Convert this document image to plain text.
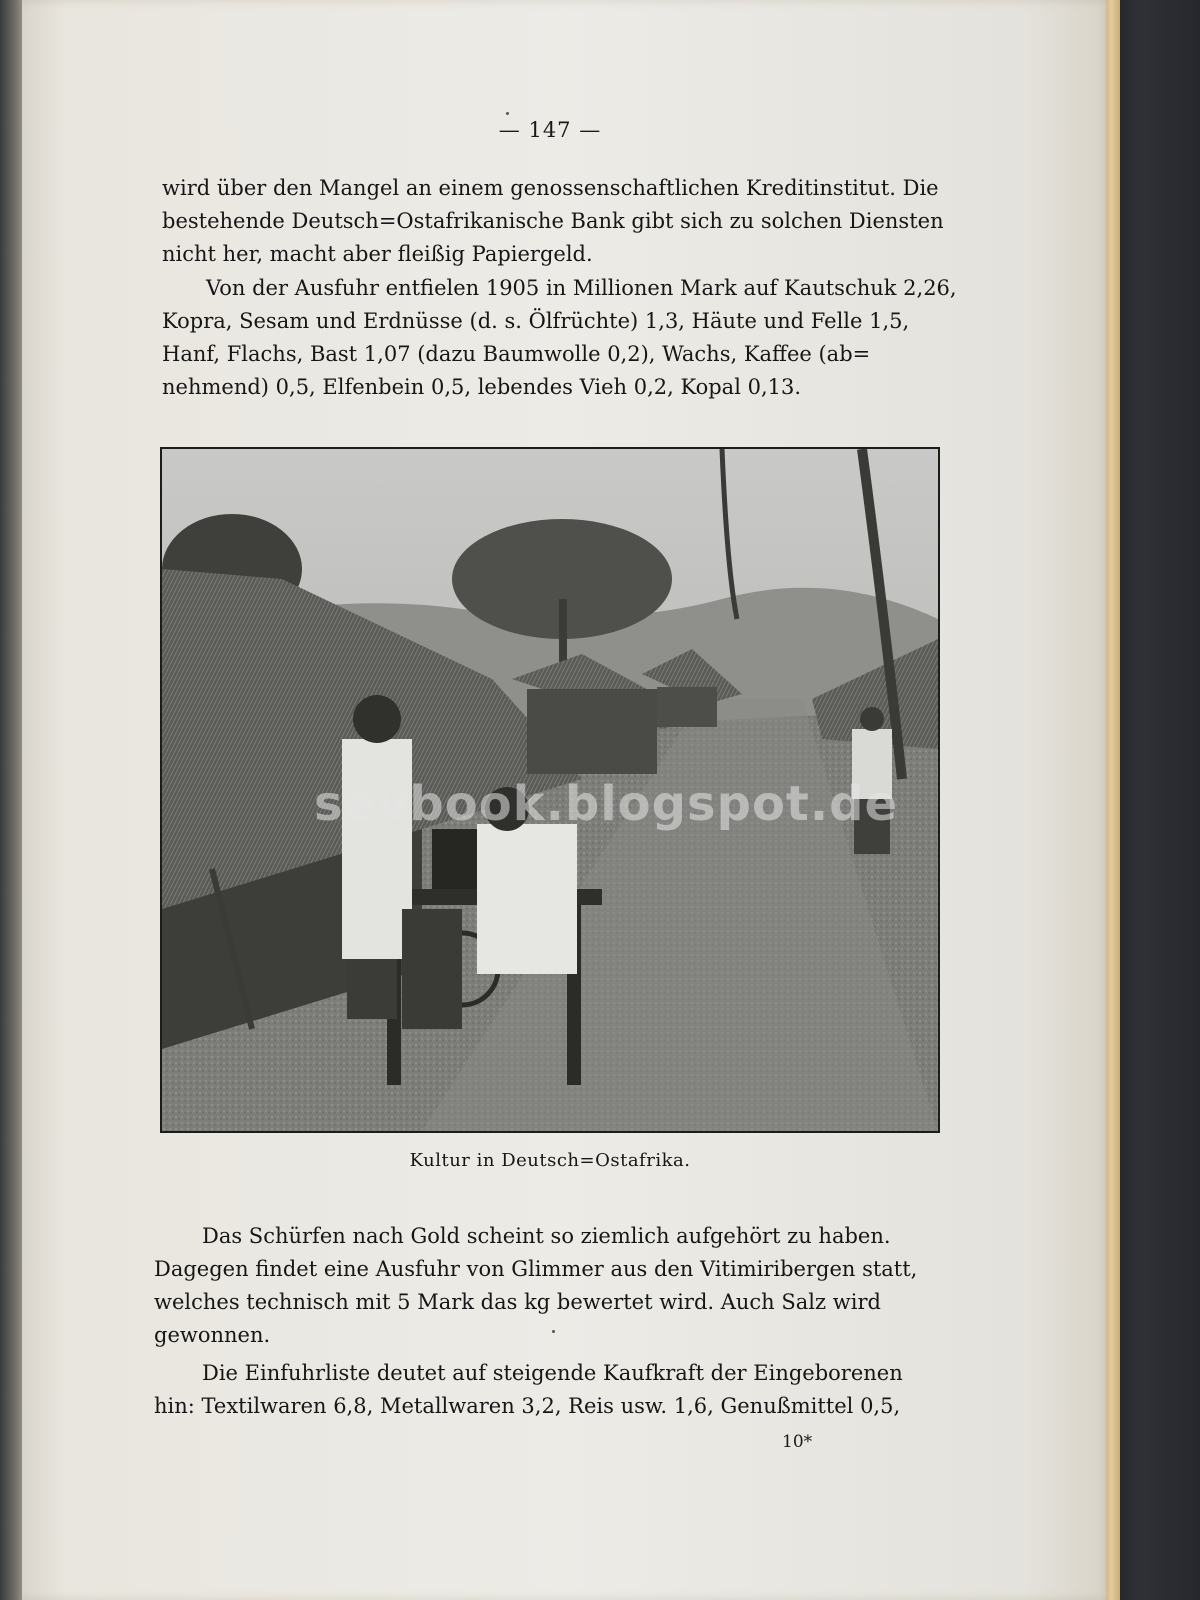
— 147 —
wird über den Mangel an einem genossenschaftlichen Kreditinstitut. Die
bestehende Deutsch=Ostafrikanische Bank gibt sich zu solchen Diensten
nicht her, macht aber fleißig Papiergeld.
Von der Ausfuhr entfielen 1905 in Millionen Mark auf Kautschuk 2,26,
Kopra, Sesam und Erdnüsse (d. s. Ölfrüchte) 1,3, Häute und Felle 1,5,
Hanf, Flachs, Bast 1,07 (dazu Baumwolle 0,2), Wachs, Kaffee (ab=
nehmend) 0,5, Elfenbein 0,5, lebendes Vieh 0,2, Kopal 0,13.
sevbook.blogspot.de
Kultur in Deutsch=Ostafrika.
Das Schürfen nach Gold scheint so ziemlich aufgehört zu haben.
Dagegen findet eine Ausfuhr von Glimmer aus den Vitimiribergen statt,
welches technisch mit 5 Mark das kg bewertet wird. Auch Salz wird
gewonnen.
Die Einfuhrliste deutet auf steigende Kaufkraft der Eingeborenen
hin: Textilwaren 6,8, Metallwaren 3,2, Reis usw. 1,6, Genußmittel 0,5,
10*
